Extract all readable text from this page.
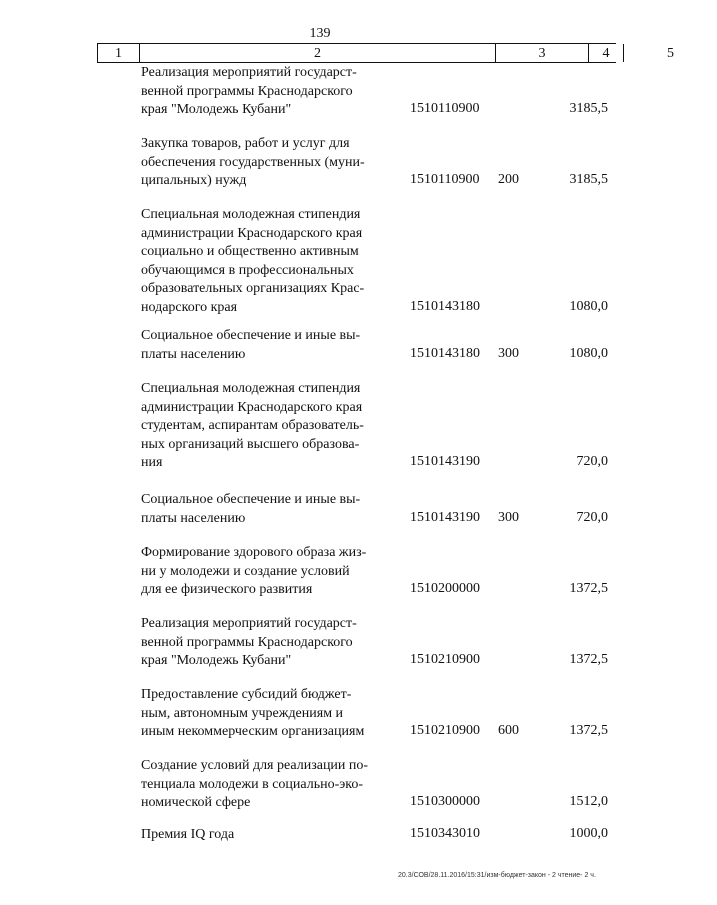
139
1	2	3	4	5
Реализация мероприятий государст-
венной программы Краснодарского
края "Молодежь Кубани"	1510110900	3185,5
Закупка товаров, работ и услуг для
обеспечения государственных (муни-
ципальных) нужд	1510110900 200	3185,5
Специальная молодежная стипендия
администрации Краснодарского края
социально и общественно активным
обучающимся в профессиональных
образовательных организациях Крас-
нодарского края	1510143180	1080,0
Социальное обеспечение и иные вы-
платы населению	1510143180 300	1080,0
Специальная молодежная стипендия
администрации Краснодарского края
студентам, аспирантам образователь-
ных организаций высшего образова-
ния	1510143190	720,0
Социальное обеспечение и иные вы-
платы населению	1510143190 300	720,0
Формирование здорового образа жиз-
ни у молодежи и создание условий
для ее физического развития	1510200000	1372,5
Реализация мероприятий государст-
венной программы Краснодарского
края "Молодежь Кубани"	1510210900	1372,5
Предоставление субсидий бюджет-
ным, автономным учреждениям и
иным некоммерческим организациям	1510210900 600	1372,5
Создание условий для реализации по-
тенциала молодежи в социально-эко-
номической сфере	1510300000	1512,0
Премия IQ года	1510343010	1000,0
20.3/СОВ/28.11.2016/15:31/изм-бюджет-закон - 2 чтение- 2 ч.
